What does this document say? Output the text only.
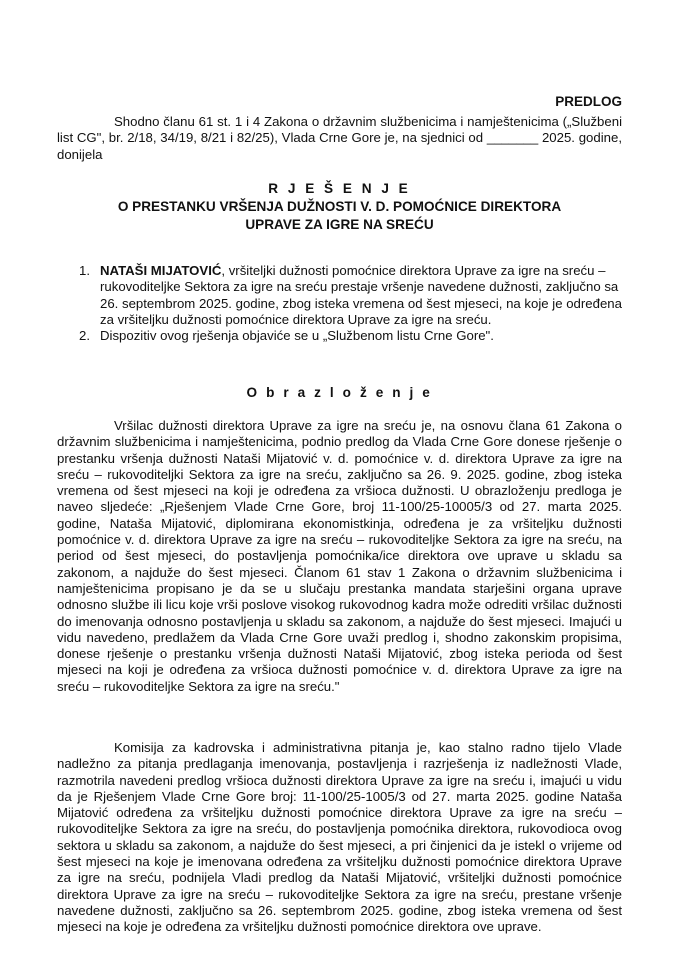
PREDLOG
Shodno članu 61 st. 1 i 4 Zakona o državnim službenicima i namještenicima („Službeni list CG", br. 2/18, 34/19, 8/21 i 82/25), Vlada Crne Gore je, na sjednici od _______ 2025. godine, donijela
R J E Š E N J E
O PRESTANKU VRŠENJA DUŽNOSTI V. D. POMOĆNICE DIREKTORA
UPRAVE ZA IGRE NA SREĆU
1. NATAŠI MIJATOVIĆ, vršiteljki dužnosti pomoćnice direktora Uprave za igre na sreću – rukovoditeljke Sektora za igre na sreću prestaje vršenje navedene dužnosti, zaključno sa 26. septembrom 2025. godine, zbog isteka vremena od šest mjeseci, na koje je određena za vršiteljku dužnosti pomoćnice direktora Uprave za igre na sreću.
2. Dispozitiv ovog rješenja objaviće se u „Službenom listu Crne Gore".
O b r a z l o ž e n j e
Vršilac dužnosti direktora Uprave za igre na sreću je, na osnovu člana 61 Zakona o državnim službenicima i namještenicima, podnio predlog da Vlada Crne Gore donese rješenje o prestanku vršenja dužnosti Nataši Mijatović v. d. pomoćnice v. d. direktora Uprave za igre na sreću – rukovoditeljki Sektora za igre na sreću, zaključno sa 26. 9. 2025. godine, zbog isteka vremena od šest mjeseci na koji je određena za vršioca dužnosti. U obrazloženju predloga je naveo sljedeće: „Rješenjem Vlade Crne Gore, broj 11-100/25-10005/3 od 27. marta 2025. godine, Nataša Mijatović, diplomirana ekonomistkinja, određena je za vršiteljku dužnosti pomoćnice v. d. direktora Uprave za igre na sreću – rukovoditeljke Sektora za igre na sreću, na period od šest mjeseci, do postavljenja pomoćnika/ice direktora ove uprave u skladu sa zakonom, a najduže do šest mjeseci. Članom 61 stav 1 Zakona o državnim službenicima i namještenicima propisano je da se u slučaju prestanka mandata starješini organa uprave odnosno službe ili licu koje vrši poslove visokog rukovodnog kadra može odrediti vršilac dužnosti do imenovanja odnosno postavljenja u skladu sa zakonom, a najduže do šest mjeseci. Imajući u vidu navedeno, predlažem da Vlada Crne Gore uvaži predlog i, shodno zakonskim propisima, donese rješenje o prestanku vršenja dužnosti Nataši Mijatović, zbog isteka perioda od šest mjeseci na koji je određena za vršioca dužnosti pomoćnice v. d. direktora Uprave za igre na sreću – rukovoditeljke Sektora za igre na sreću."
Komisija za kadrovska i administrativna pitanja je, kao stalno radno tijelo Vlade nadležno za pitanja predlaganja imenovanja, postavljenja i razrješenja iz nadležnosti Vlade, razmotrila navedeni predlog vršioca dužnosti direktora Uprave za igre na sreću i, imajući u vidu da je Rješenjem Vlade Crne Gore broj: 11-100/25-1005/3 od 27. marta 2025. godine Nataša Mijatović određena za vršiteljku dužnosti pomoćnice direktora Uprave za igre na sreću – rukovoditeljke Sektora za igre na sreću, do postavljenja pomoćnika direktora, rukovodioca ovog sektora u skladu sa zakonom, a najduže do šest mjeseci, a pri činjenici da je istekl o vrijeme od šest mjeseci na koje je imenovana određena za vršiteljku dužnosti pomoćnice direktora Uprave za igre na sreću, podnijela Vladi predlog da Nataši Mijatović, vršiteljki dužnosti pomoćnice direktora Uprave za igre na sreću – rukovoditeljke Sektora za igre na sreću, prestane vršenje navedene dužnosti, zaključno sa 26. septembrom 2025. godine, zbog isteka vremena od šest mjeseci na koje je određena za vršiteljku dužnosti pomoćnice direktora ove uprave.
